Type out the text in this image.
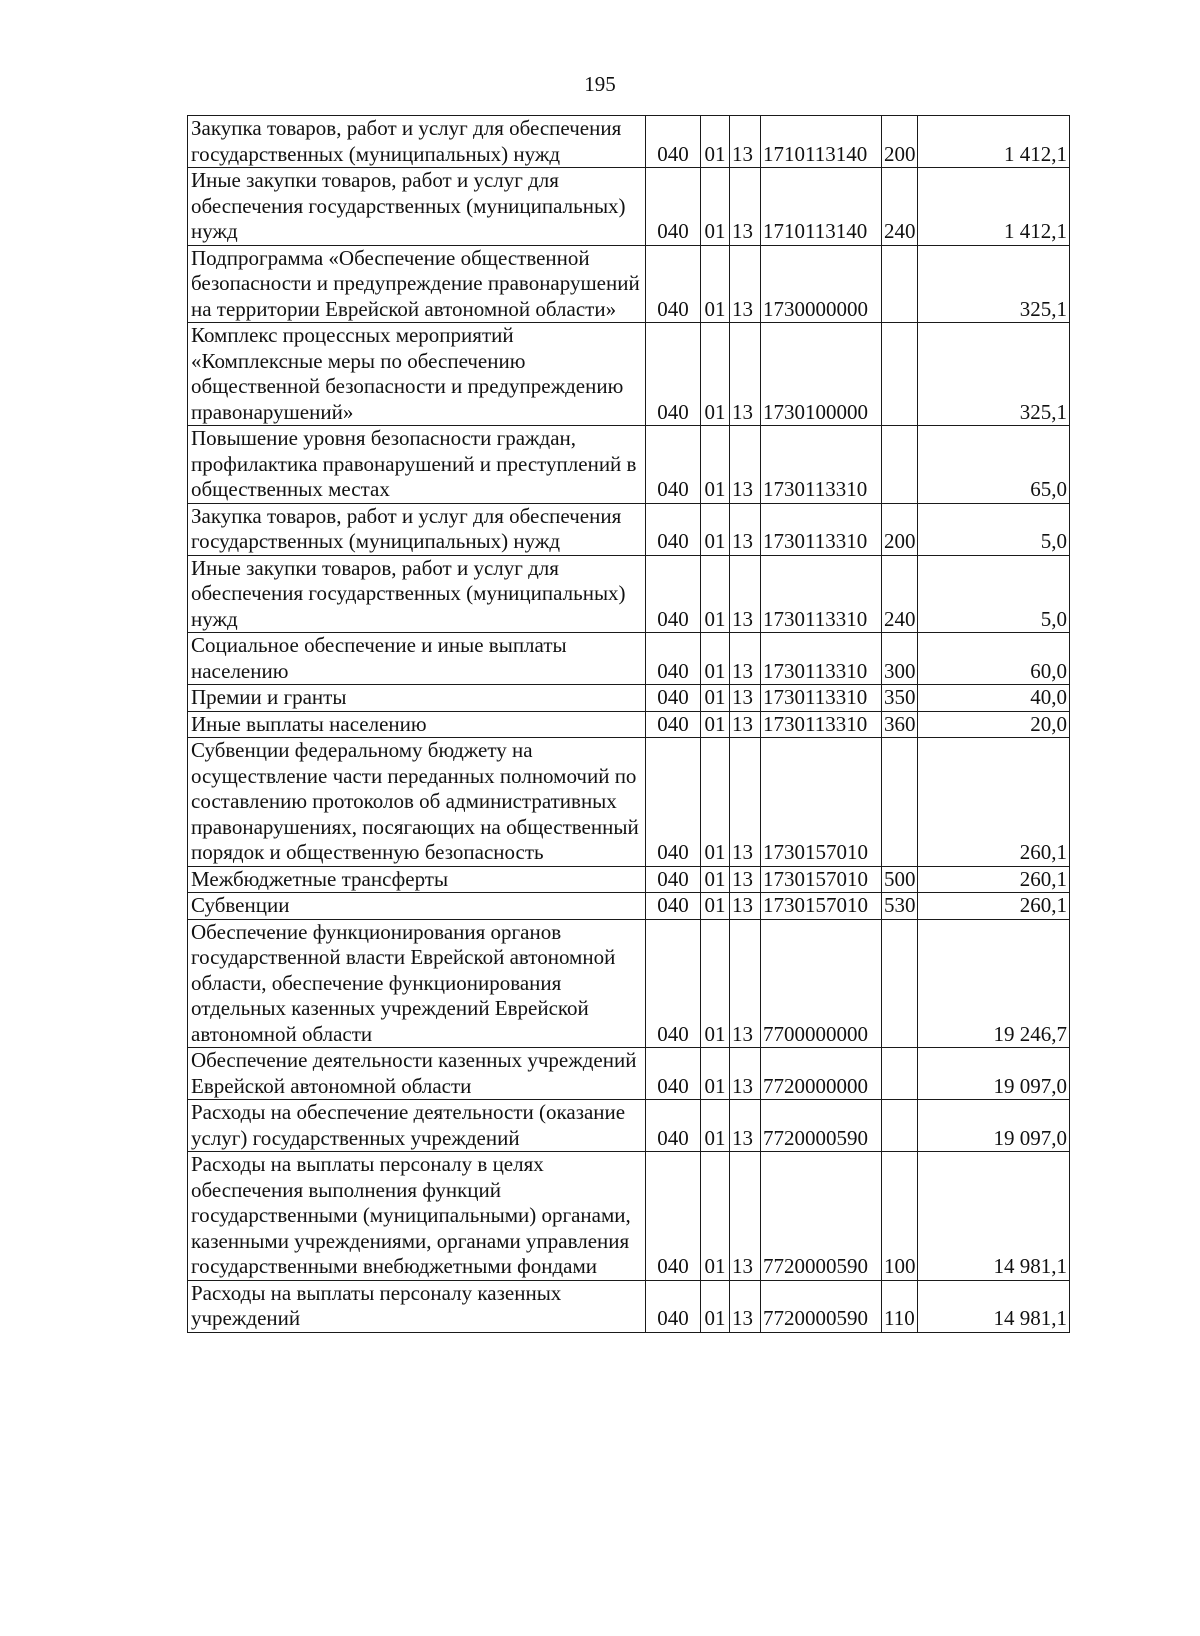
195
Закупка товаров, работ и услуг для обеспечения государственных (муниципальных) нужд	040	01	13	1710113140	200	1 412,1
Иные закупки товаров, работ и услуг для обеспечения государственных (муниципальных) нужд	040	01	13	1710113140	240	1 412,1
Подпрограмма «Обеспечение общественной безопасности и предупреждение правонарушений на территории Еврейской автономной области»	040	01	13	1730000000		325,1
Комплекс процессных мероприятий «Комплексные меры по обеспечению общественной безопасности и предупреждению правонарушений»	040	01	13	1730100000		325,1
Повышение уровня безопасности граждан, профилактика правонарушений и преступлений в общественных местах	040	01	13	1730113310		65,0
Закупка товаров, работ и услуг для обеспечения государственных (муниципальных) нужд	040	01	13	1730113310	200	5,0
Иные закупки товаров, работ и услуг для обеспечения государственных (муниципальных) нужд	040	01	13	1730113310	240	5,0
Социальное обеспечение и иные выплаты населению	040	01	13	1730113310	300	60,0
Премии и гранты	040	01	13	1730113310	350	40,0
Иные выплаты населению	040	01	13	1730113310	360	20,0
Субвенции федеральному бюджету на осуществление части переданных полномочий по составлению протоколов об административных правонарушениях, посягающих на общественный порядок и общественную безопасность	040	01	13	1730157010		260,1
Межбюджетные трансферты	040	01	13	1730157010	500	260,1
Субвенции	040	01	13	1730157010	530	260,1
Обеспечение функционирования органов государственной власти Еврейской автономной области, обеспечение функционирования отдельных казенных учреждений Еврейской автономной области	040	01	13	7700000000		19 246,7
Обеспечение деятельности казенных учреждений Еврейской автономной области	040	01	13	7720000000		19 097,0
Расходы на обеспечение деятельности (оказание услуг) государственных учреждений	040	01	13	7720000590		19 097,0
Расходы на выплаты персоналу в целях обеспечения выполнения функций государственными (муниципальными) органами, казенными учреждениями, органами управления государственными внебюджетными фондами	040	01	13	7720000590	100	14 981,1
Расходы на выплаты персоналу казенных учреждений	040	01	13	7720000590	110	14 981,1
